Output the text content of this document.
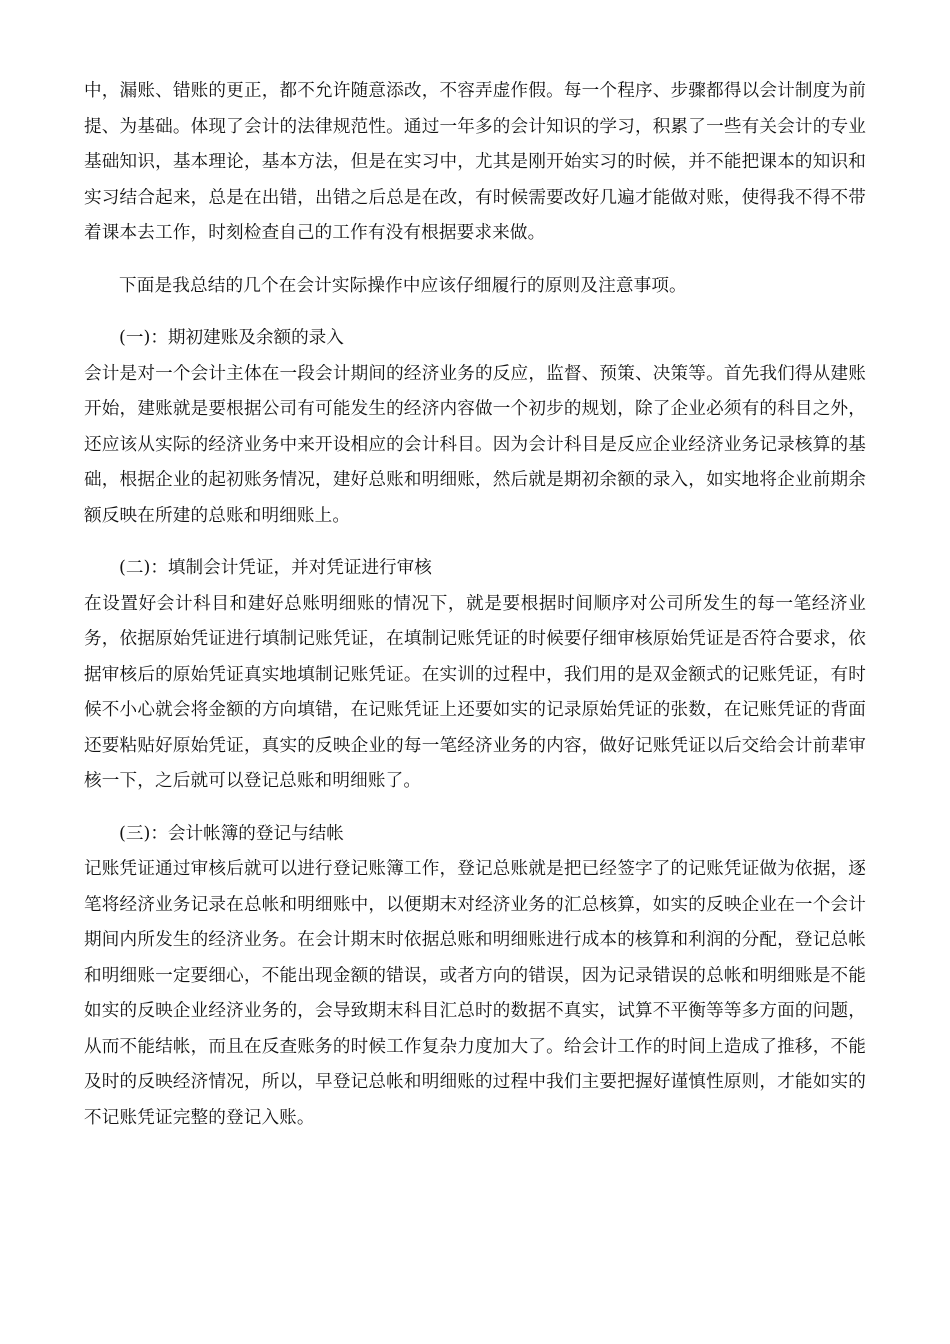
中，漏账、错账的更正，都不允许随意添改，不容弄虚作假。每一个程序、步骤都得以会计制度为前提、为基础。体现了会计的法律规范性。通过一年多的会计知识的学习，积累了一些有关会计的专业基础知识，基本理论，基本方法，但是在实习中，尤其是刚开始实习的时候，并不能把课本的知识和实习结合起来，总是在出错，出错之后总是在改，有时候需要改好几遍才能做对账，使得我不得不带着课本去工作，时刻检查自己的工作有没有根据要求来做。

下面是我总结的几个在会计实际操作中应该仔细履行的原则及注意事项。

(一)：期初建账及余额的录入

会计是对一个会计主体在一段会计期间的经济业务的反应，监督、预策、决策等。首先我们得从建账开始，建账就是要根据公司有可能发生的经济内容做一个初步的规划，除了企业必须有的科目之外，还应该从实际的经济业务中来开设相应的会计科目。因为会计科目是反应企业经济业务记录核算的基础，根据企业的起初账务情况，建好总账和明细账，然后就是期初余额的录入，如实地将企业前期余额反映在所建的总账和明细账上。

(二)：填制会计凭证，并对凭证进行审核

在设置好会计科目和建好总账明细账的情况下，就是要根据时间顺序对公司所发生的每一笔经济业务，依据原始凭证进行填制记账凭证，在填制记账凭证的时候要仔细审核原始凭证是否符合要求，依据审核后的原始凭证真实地填制记账凭证。在实训的过程中，我们用的是双金额式的记账凭证，有时候不小心就会将金额的方向填错，在记账凭证上还要如实的记录原始凭证的张数，在记账凭证的背面还要粘贴好原始凭证，真实的反映企业的每一笔经济业务的内容，做好记账凭证以后交给会计前辈审核一下，之后就可以登记总账和明细账了。

(三)：会计帐簿的登记与结帐

记账凭证通过审核后就可以进行登记账簿工作，登记总账就是把已经签字了的记账凭证做为依据，逐笔将经济业务记录在总帐和明细账中，以便期末对经济业务的汇总核算，如实的反映企业在一个会计期间内所发生的经济业务。在会计期末时依据总账和明细账进行成本的核算和利润的分配，登记总帐和明细账一定要细心，不能出现金额的错误，或者方向的错误，因为记录错误的总帐和明细账是不能如实的反映企业经济业务的，会导致期末科目汇总时的数据不真实，试算不平衡等等多方面的问题，从而不能结帐，而且在反查账务的时候工作复杂力度加大了。给会计工作的时间上造成了推移，不能及时的反映经济情况，所以，早登记总帐和明细账的过程中我们主要把握好谨慎性原则，才能如实的不记账凭证完整的登记入账。
